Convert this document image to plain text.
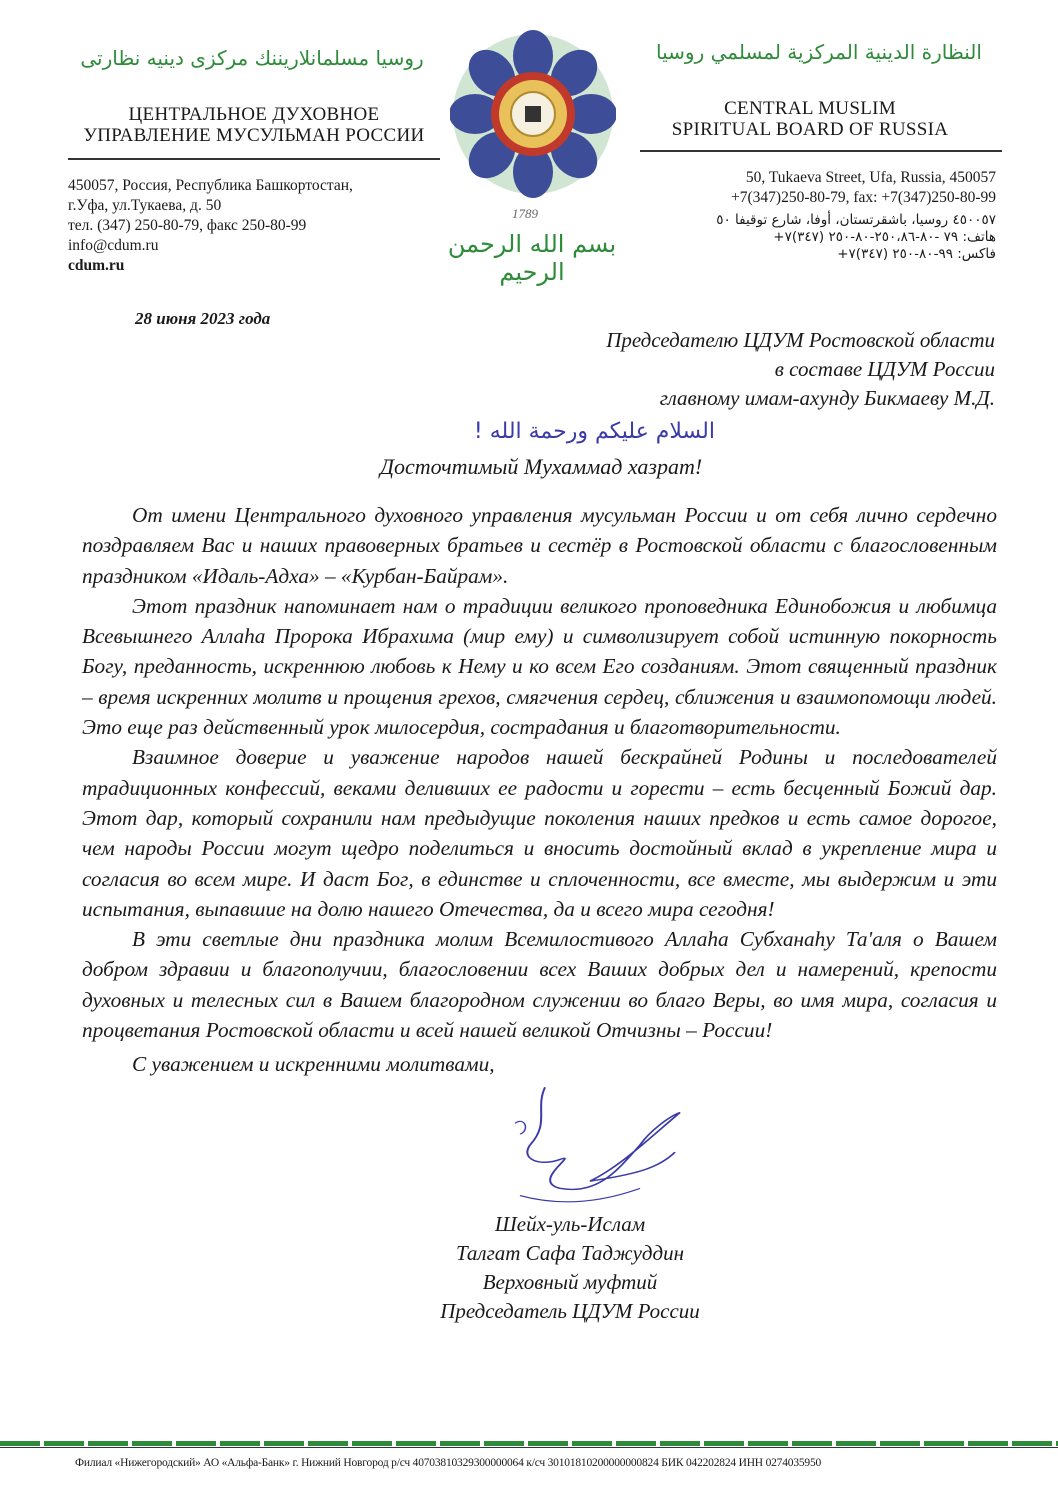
روسيا مسلمانلاريننك مركزى دينيه نظارتى
ЦЕНТРАЛЬНОЕ ДУХОВНОЕ
УПРАВЛЕНИЕ МУСУЛЬМАН РОССИИ
450057, Россия, Республика Башкортостан,
г.Уфа, ул.Тукаева, д. 50
тел. (347) 250-80-79, факс 250-80-99
info@cdum.ru
cdum.ru
1789
بسم الله الرحمن الرحيم
النظارة الدينية المركزية لمسلمي روسيا
CENTRAL MUSLIM
SPIRITUAL BOARD OF RUSSIA
50, Tukaeva Street, Ufa, Russia, 450057
+7(347)250-80-79, fax: +7(347)250-80-99
٤٥٠٠٥٧ روسيا، باشقرتستان، أوفا، شارع توقيفا ٥٠
هاتف: ٧٩ -٨٠-٢٥٠،٨٦-٨٠-٢٥٠ (٣٤٧)٧+
فاكس: ٩٩-٨٠-٢٥٠ (٣٤٧)٧+
28 июня 2023 года
Председателю ЦДУМ Ростовской области
в составе ЦДУМ России
главному имам-ахунду Бикмаеву М.Д.
السلام عليكم ورحمة الله !
Досточтимый Мухаммад хазрат!

От имени Центрального духовного управления мусульман России и от себя лично сердечно поздравляем Вас и наших правоверных братьев и сестёр в Ростовской области с благословенным праздником «Идаль-Адха» – «Курбан-Байрам».

Этот праздник напоминает нам о традиции великого проповедника Единобожия и любимца Всевышнего Аллаһа Пророка Ибрахима (мир ему) и символизирует собой истинную покорность Богу, преданность, искреннюю любовь к Нему и ко всем Его созданиям. Этот священный праздник – время искренних молитв и прощения грехов, смягчения сердец, сближения и взаимопомощи людей. Это еще раз действенный урок милосердия, сострадания и благотворительности.

Взаимное доверие и уважение народов нашей бескрайней Родины и последователей традиционных конфессий, веками деливших ее радости и горести – есть бесценный Божий дар. Этот дар, который сохранили нам предыдущие поколения наших предков и есть самое дорогое, чем народы России могут щедро поделиться и вносить достойный вклад в укрепление мира и согласия во всем мире. И даст Бог, в единстве и сплоченности, все вместе, мы выдержим и эти испытания, выпавшие на долю нашего Отечества, да и всего мира сегодня!

В эти светлые дни праздника молим Всемилостивого Аллаһа Субханаһу Та'аля о Вашем добром здравии и благополучии, благословении всех Ваших добрых дел и намерений, крепости духовных и телесных сил в Вашем благородном служении во благо Веры, во имя мира, согласия и процветания Ростовской области и всей нашей великой Отчизны – России!

С уважением и искренними молитвами,

Шейх-уль-Ислам
Талгат Сафа Таджуддин
Верховный муфтий
Председатель ЦДУМ России
Филиал «Нижегородский» АО «Альфа-Банк» г. Нижний Новгород р/сч 40703810329300000064 к/сч 30101810200000000824 БИК 042202824 ИНН 0274035950
